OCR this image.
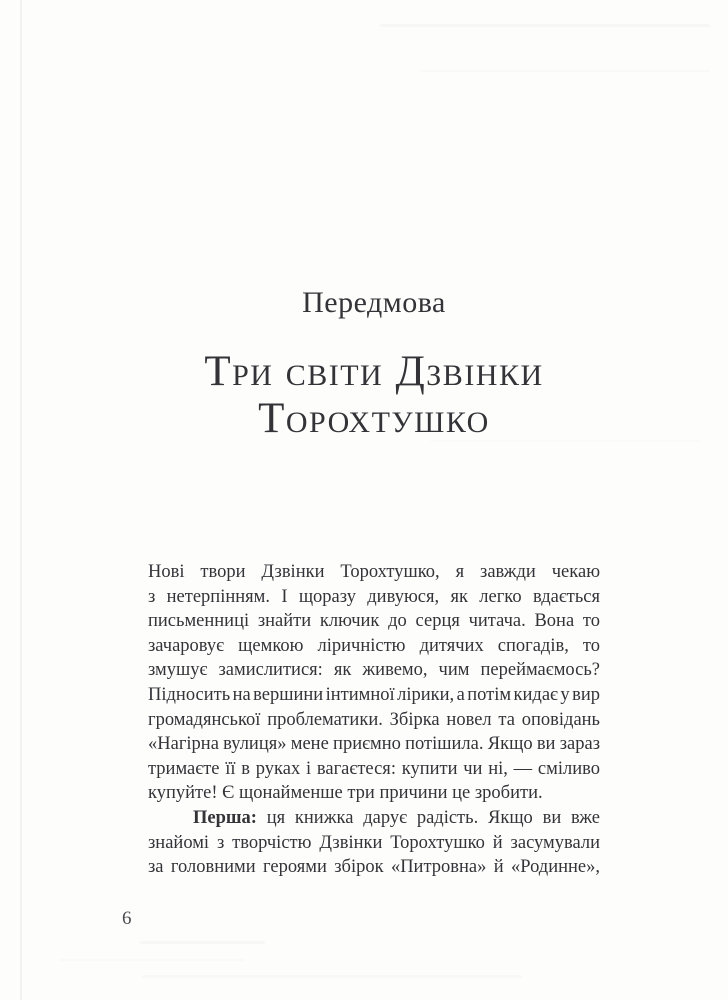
Передмова
Три світи Дзвінки
Торохтушко
Нові твори Дзвінки Торохтушко, я завжди чекаю
з нетерпінням. І щоразу дивуюся, як легко вдається
письменниці знайти ключик до серця читача. Вона то
зачаровує щемкою ліричністю дитячих спогадів, то
змушує замислитися: як живемо, чим переймаємось?
Підносить на вершини інтимної лірики, а потім кидає у вир
громадянської проблематики. Збірка новел та оповідань
«Нагірна вулиця» мене приємно потішила. Якщо ви зараз
тримаєте її в руках і вагаєтеся: купити чи ні, — сміливо
купуйте! Є щонайменше три причини це зробити.
Перша: ця книжка дарує радість. Якщо ви вже
знайомі з творчістю Дзвінки Торохтушко й засумували
за головними героями збірок «Питровна» й «Родинне»,
6
